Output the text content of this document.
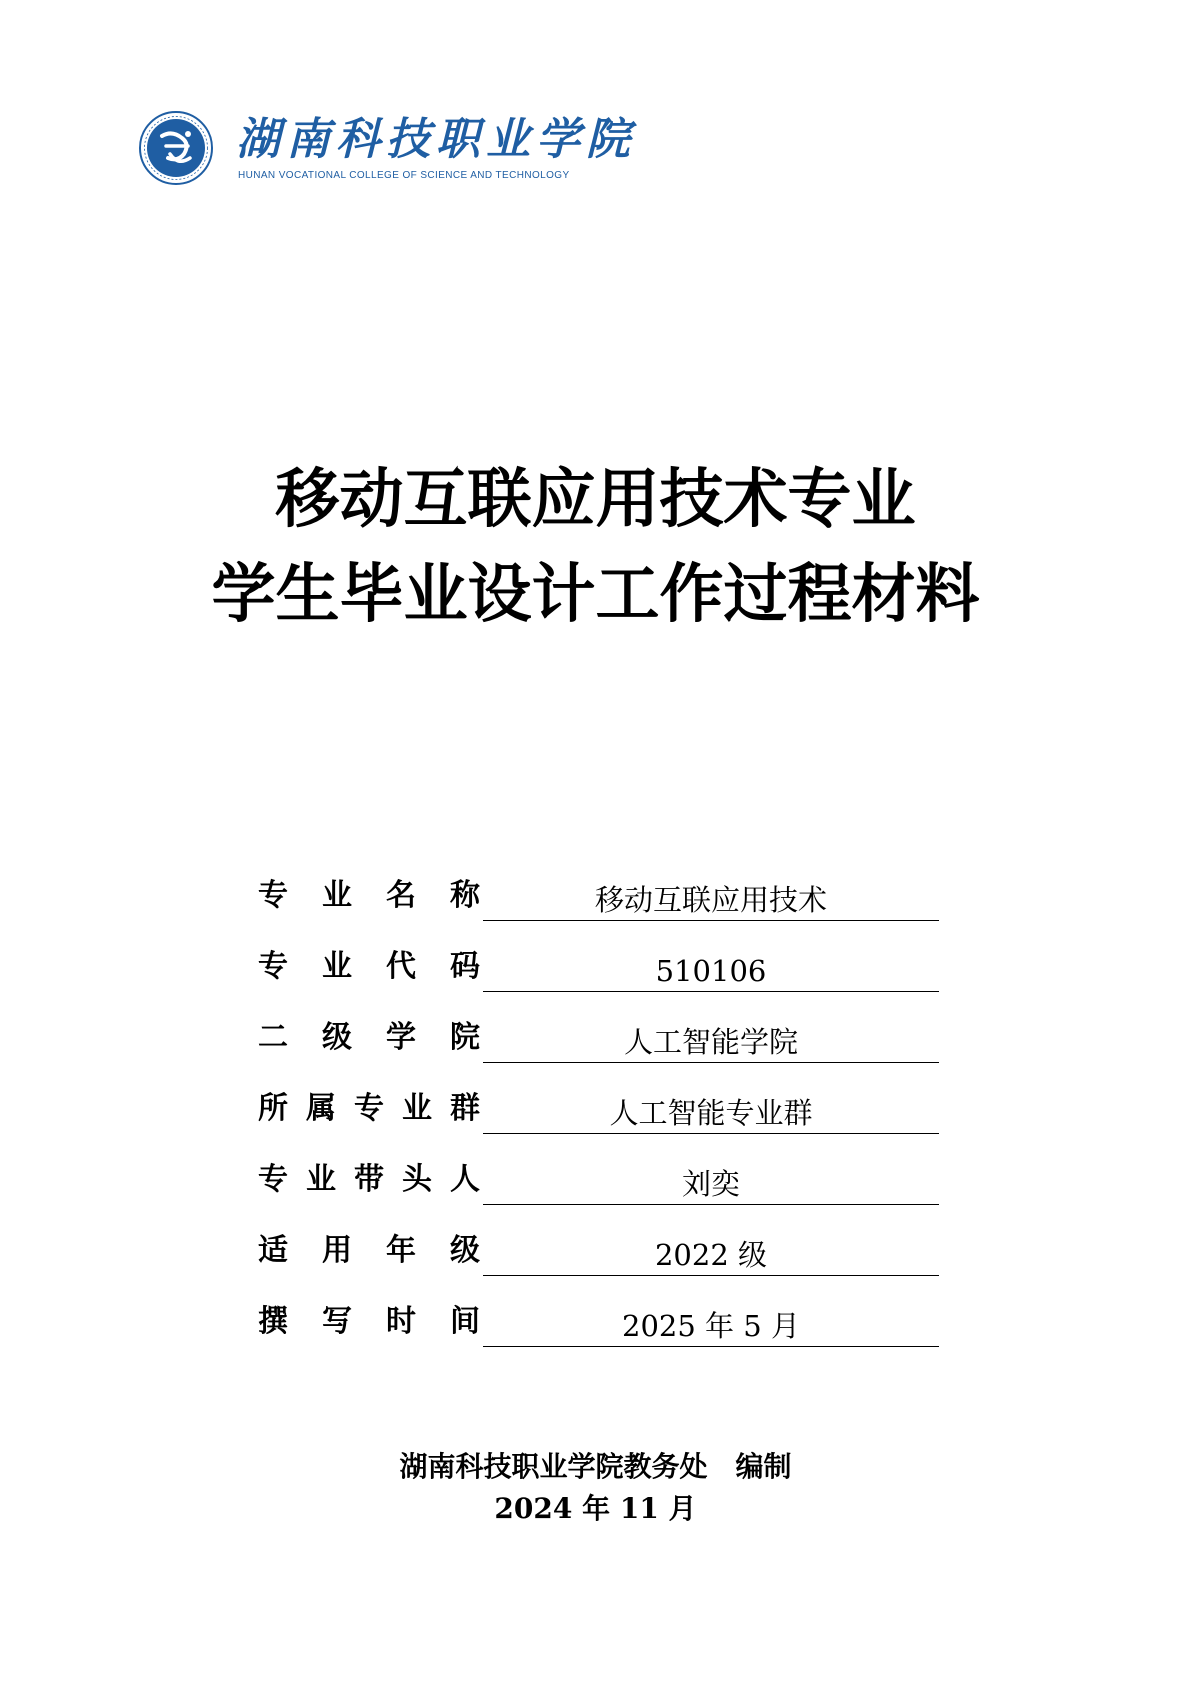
湖南科技职业学院
HUNAN VOCATIONAL COLLEGE OF SCIENCE AND TECHNOLOGY
移动互联应用技术专业
学生毕业设计工作过程材料
专 业 名 称	移动互联应用技术
专 业 代 码	510106
二 级 学 院	人工智能学院
所 属 专 业 群	人工智能专业群
专 业 带 头 人	刘奕
适 用 年 级	2022 级
撰 写 时 间	2025 年 5 月
湖南科技职业学院教务处　编制
2024 年 11 月
